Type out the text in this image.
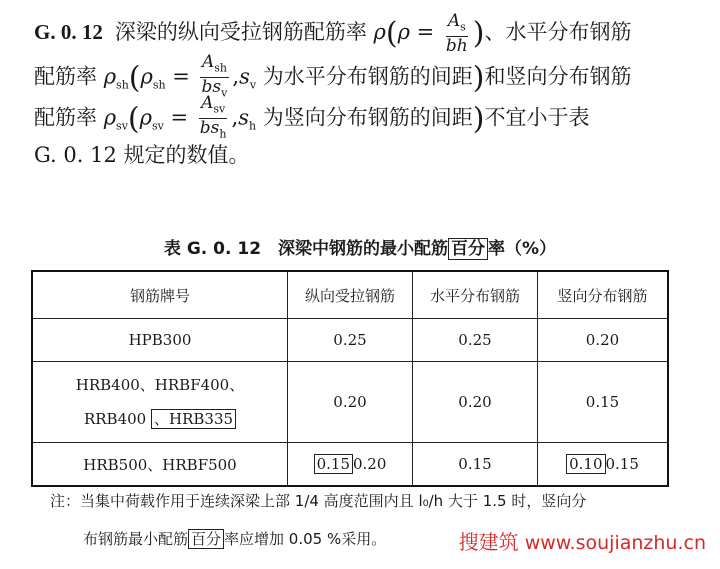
G. 0. 12 深梁的纵向受拉钢筋配筋率 $\rho(\rho = \frac{A_s}{bh}$ )、水平分布钢筋
配筋率 $\rho_{sh}(\rho_{sh} = \frac{A_{sh}}{bs_v} ,s_v$ 为水平分布钢筋的间距)和竖向分布钢筋
配筋率 $\rho_{sv}(\rho_{sv} = \frac{A_{sv}}{bs_h} ,s_h$ 为竖向分布钢筋的间距)不宜小于表
G. 0. 12 规定的数值。
表 G. 0. 12　深梁中钢筋的最小配筋 百分 率（%）
钢筋牌号	纵向受拉钢筋	水平分布钢筋	竖向分布钢筋
HPB300	0.25	0.25	0.20

HRB400、HRBF400、
RRB400 、HRB335	0.20	0.20	0.15
HRB500、HRBF500	0.15 0.20	0.15	0.10 0.15
注：当集中荷载作用于连续深梁上部 1/4 高度范围内且 l₀/h 大于 1.5 时，竖向分
布钢筋最小配筋 百分 率应增加 0.05 %采用。	搜建筑 www.soujianzhu.cn
